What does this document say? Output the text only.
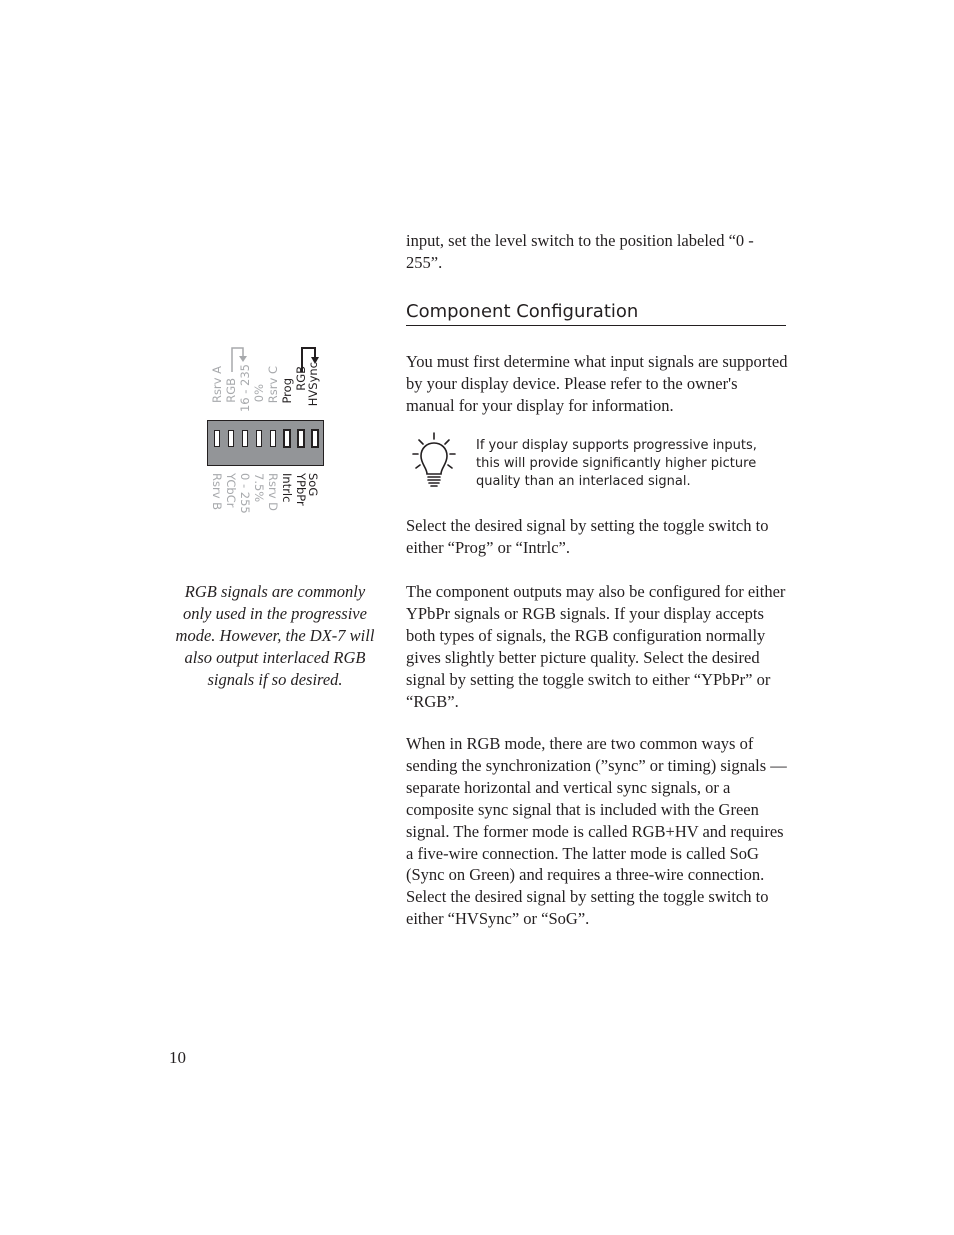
input, set the level switch to the position labeled “0 - 255”.

Component Configuration

You must first determine what input signals are supported by your display device. Please refer to the owner's manual for your display for information.

If your display supports progressive inputs, this will provide significantly higher picture quality than an interlaced signal.

Select the desired signal by setting the toggle switch to either “Prog” or “Intrlc”.

The component outputs may also be configured for either YPbPr signals or RGB signals. If your display accepts both types of signals, the RGB configuration normally gives slightly better picture quality. Select the desired signal by setting the toggle switch to either “YPbPr” or “RGB”.

When in RGB mode, there are two common ways of sending the synchronization (”sync” or timing) signals — separate horizontal and vertical sync signals, or a composite sync signal that is included with the Green signal. The former mode is called RGB+HV and requires a five-wire connection. The latter mode is called SoG (Sync on Green) and requires a three-wire connection. Select the desired signal by setting the toggle switch to either “HVSync” or “SoG”.

RGB signals are commonly only used in the progressive mode. However, the DX-7 will also output interlaced RGB signals if so desired.

10
HVSync
RGB
Prog
Rsrv C
0%
16 - 235
RGB
Rsrv A
SoG
YPbPr
Intrlc
Rsrv D
7.5%
0 - 255
YCbCr
Rsrv B
